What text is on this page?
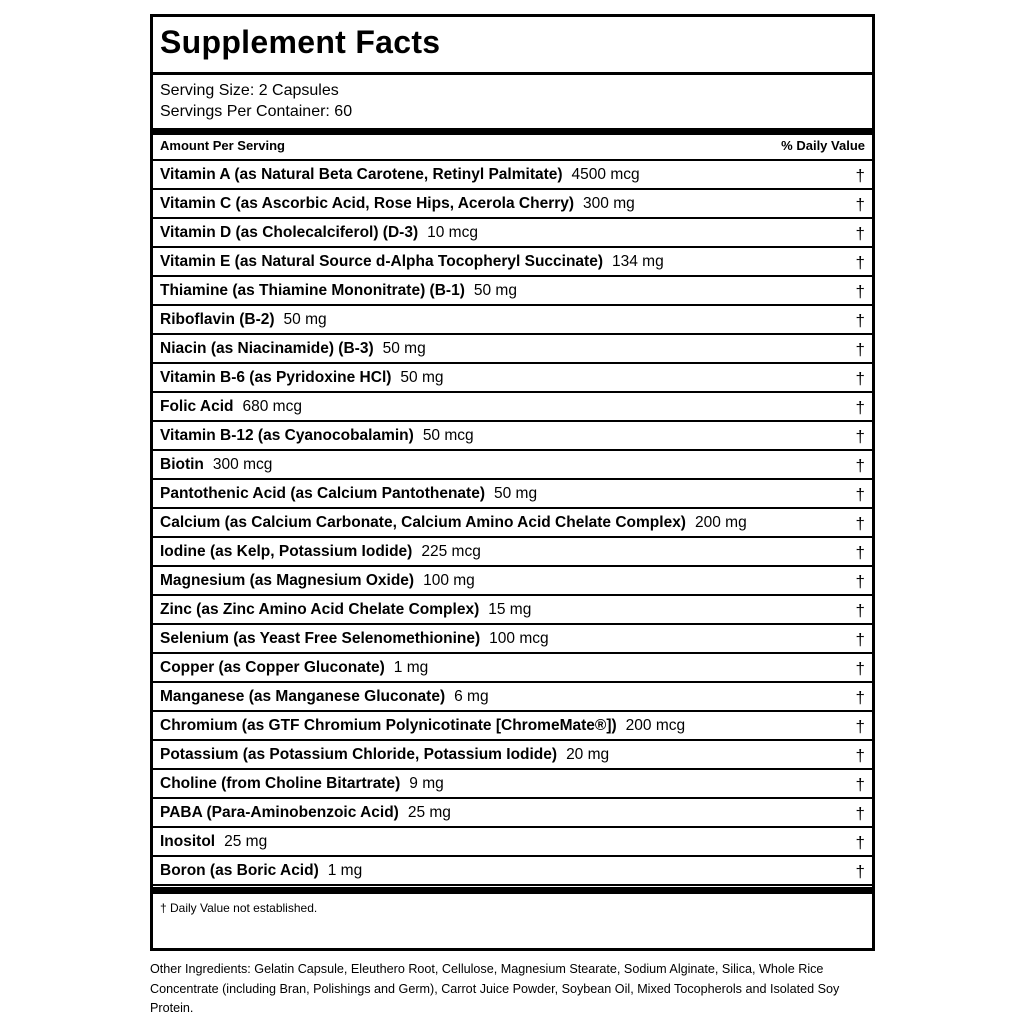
Supplement Facts
Serving Size: 2 Capsules
Servings Per Container: 60
Amount Per Serving	% Daily Value
Vitamin A (as Natural Beta Carotene, Retinyl Palmitate) 4500 mcg	†
Vitamin C (as Ascorbic Acid, Rose Hips, Acerola Cherry) 300 mg	†
Vitamin D (as Cholecalciferol) (D-3) 10 mcg	†
Vitamin E (as Natural Source d-Alpha Tocopheryl Succinate) 134 mg	†
Thiamine (as Thiamine Mononitrate) (B-1) 50 mg	†
Riboflavin (B-2) 50 mg	†
Niacin (as Niacinamide) (B-3) 50 mg	†
Vitamin B-6 (as Pyridoxine HCl) 50 mg	†
Folic Acid 680 mcg	†
Vitamin B-12 (as Cyanocobalamin) 50 mcg	†
Biotin 300 mcg	†
Pantothenic Acid (as Calcium Pantothenate) 50 mg	†
Calcium (as Calcium Carbonate, Calcium Amino Acid Chelate Complex) 200 mg	†
Iodine (as Kelp, Potassium Iodide) 225 mcg	†
Magnesium (as Magnesium Oxide) 100 mg	†
Zinc (as Zinc Amino Acid Chelate Complex) 15 mg	†
Selenium (as Yeast Free Selenomethionine) 100 mcg	†
Copper (as Copper Gluconate) 1 mg	†
Manganese (as Manganese Gluconate) 6 mg	†
Chromium (as GTF Chromium Polynicotinate [ChromeMate®]) 200 mcg	†
Potassium (as Potassium Chloride, Potassium Iodide) 20 mg	†
Choline (from Choline Bitartrate) 9 mg	†
PABA (Para-Aminobenzoic Acid) 25 mg	†
Inositol 25 mg	†
Boron (as Boric Acid) 1 mg	†
† Daily Value not established.
Other Ingredients: Gelatin Capsule, Eleuthero Root, Cellulose, Magnesium Stearate, Sodium Alginate, Silica, Whole Rice Concentrate (including Bran, Polishings and Germ), Carrot Juice Powder, Soybean Oil, Mixed Tocopherols and Isolated Soy Protein.
